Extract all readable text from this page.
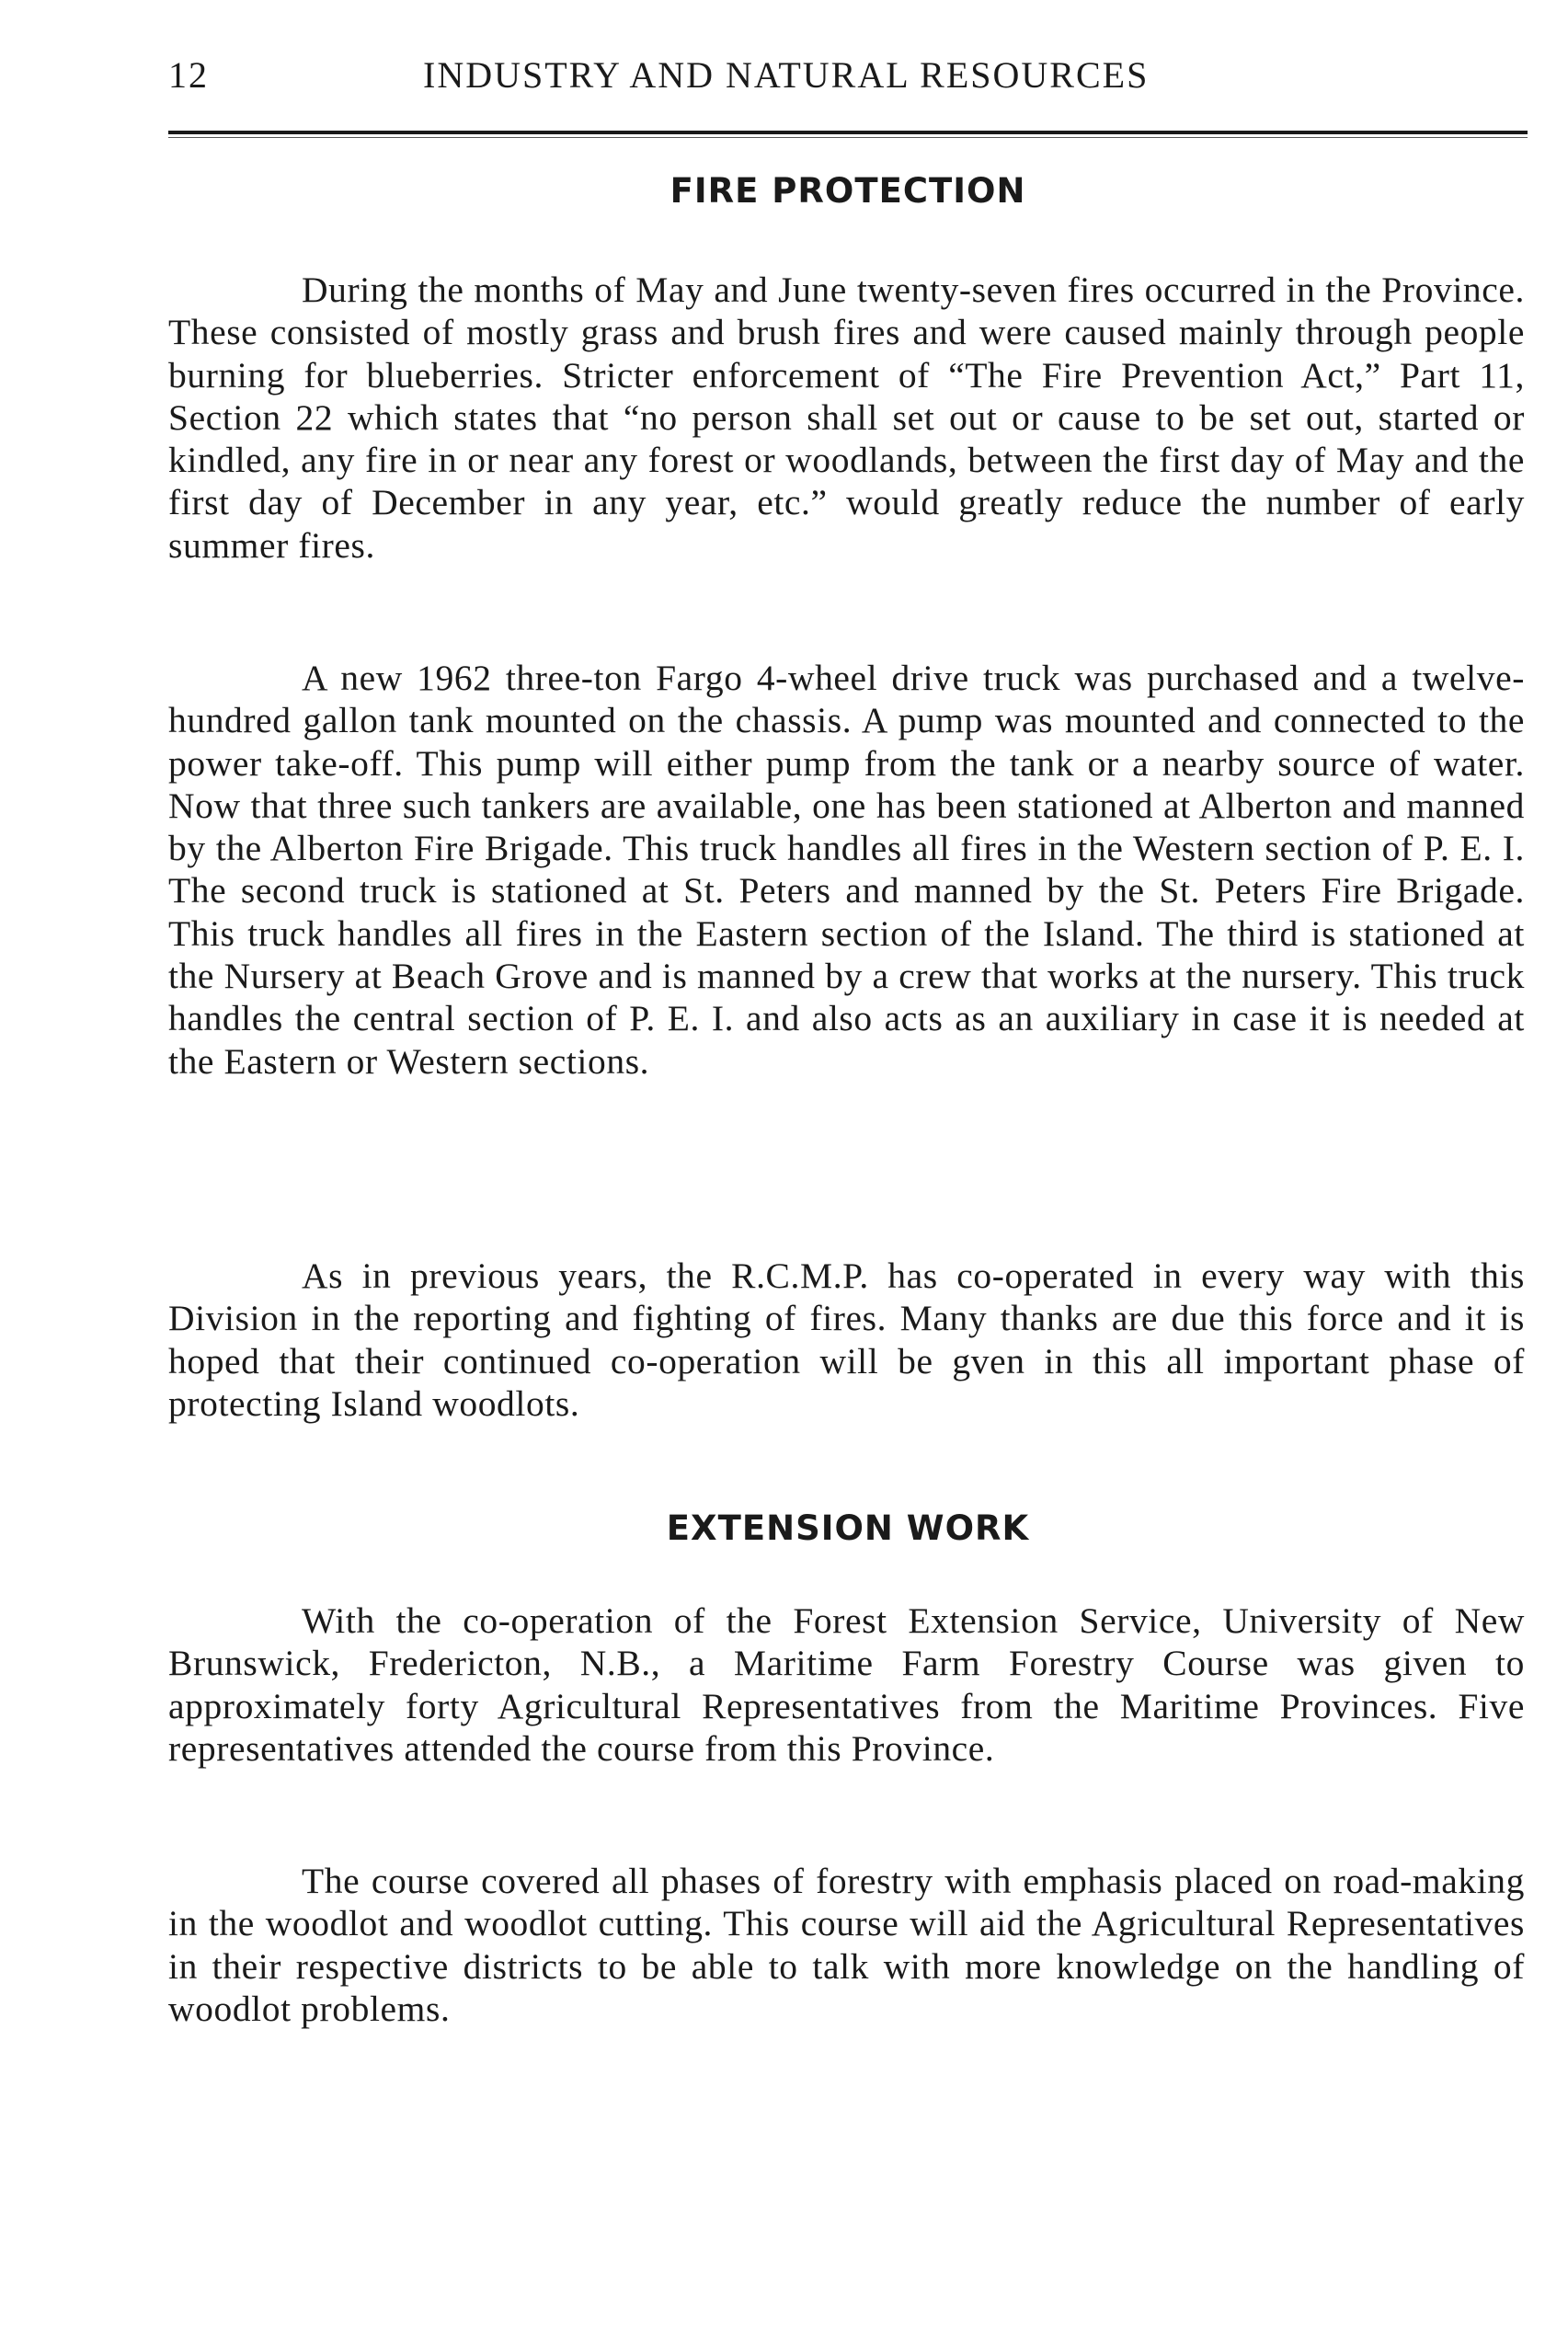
12	INDUSTRY AND NATURAL RESOURCES
FIRE PROTECTION

During the months of May and June twenty-seven fires occurred in the Province. These consisted of mostly grass and brush fires and were caused mainly through people burning for blueberries. Stricter enforcement of “The Fire Prevention Act,” Part 11, Section 22 which states that “no person shall set out or cause to be set out, started or kindled, any fire in or near any forest or woodlands, between the first day of May and the first day of December in any year, etc.” would greatly reduce the number of early summer fires.

A new 1962 three-ton Fargo 4-wheel drive truck was purchased and a twelve-hundred gallon tank mounted on the chassis. A pump was mounted and connected to the power take-off. This pump will either pump from the tank or a nearby source of water. Now that three such tankers are available, one has been stationed at Alberton and manned by the Alberton Fire Brigade. This truck handles all fires in the Western section of P. E. I. The second truck is stationed at St. Peters and manned by the St. Peters Fire Brigade. This truck handles all fires in the Eastern section of the Island. The third is stationed at the Nursery at Beach Grove and is manned by a crew that works at the nursery. This truck handles the central section of P. E. I. and also acts as an auxiliary in case it is needed at the Eastern or Western sections.

As in previous years, the R.C.M.P. has co-operated in every way with this Division in the reporting and fighting of fires. Many thanks are due this force and it is hoped that their continued co-operation will be gven in this all important phase of protecting Island woodlots.

EXTENSION WORK

With the co-operation of the Forest Extension Service, University of New Brunswick, Fredericton, N.B., a Maritime Farm Forestry Course was given to approximately forty Agricultural Representatives from the Maritime Provinces. Five representatives attended the course from this Province.

The course covered all phases of forestry with emphasis placed on road-making in the woodlot and woodlot cutting. This course will aid the Agricultural Representatives in their respective districts to be able to talk with more knowledge on the handling of woodlot problems.
